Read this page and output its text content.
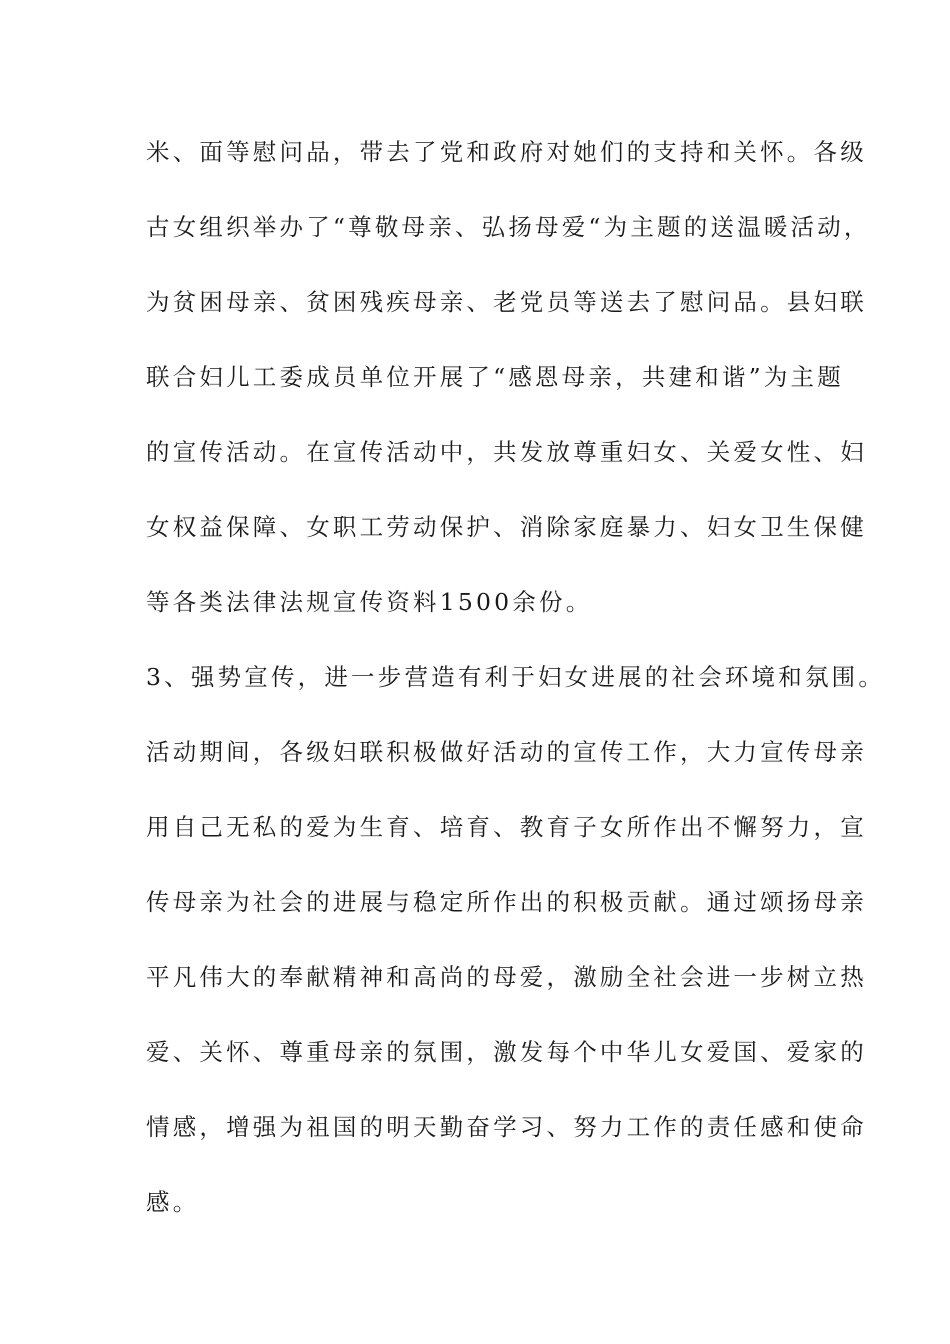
米、面等慰问品，带去了党和政府对她们的支持和关怀。各级

古女组织举办了“尊敬母亲、弘扬母爱“为主题的送温暖活动，

为贫困母亲、贫困残疾母亲、老党员等送去了慰问品。县妇联

联合妇儿工委成员单位开展了“感恩母亲，共建和谐”为主题

的宣传活动。在宣传活动中，共发放尊重妇女、关爱女性、妇

女权益保障、女职工劳动保护、消除家庭暴力、妇女卫生保健

等各类法律法规宣传资料1500余份。

3、强势宣传，进一步营造有利于妇女进展的社会环境和氛围。

活动期间，各级妇联积极做好活动的宣传工作，大力宣传母亲

用自己无私的爱为生育、培育、教育子女所作出不懈努力，宣

传母亲为社会的进展与稳定所作出的积极贡献。通过颂扬母亲

平凡伟大的奉献精神和高尚的母爱，激励全社会进一步树立热

爱、关怀、尊重母亲的氛围，激发每个中华儿女爱国、爱家的

情感，增强为祖国的明天勤奋学习、努力工作的责任感和使命

感。
